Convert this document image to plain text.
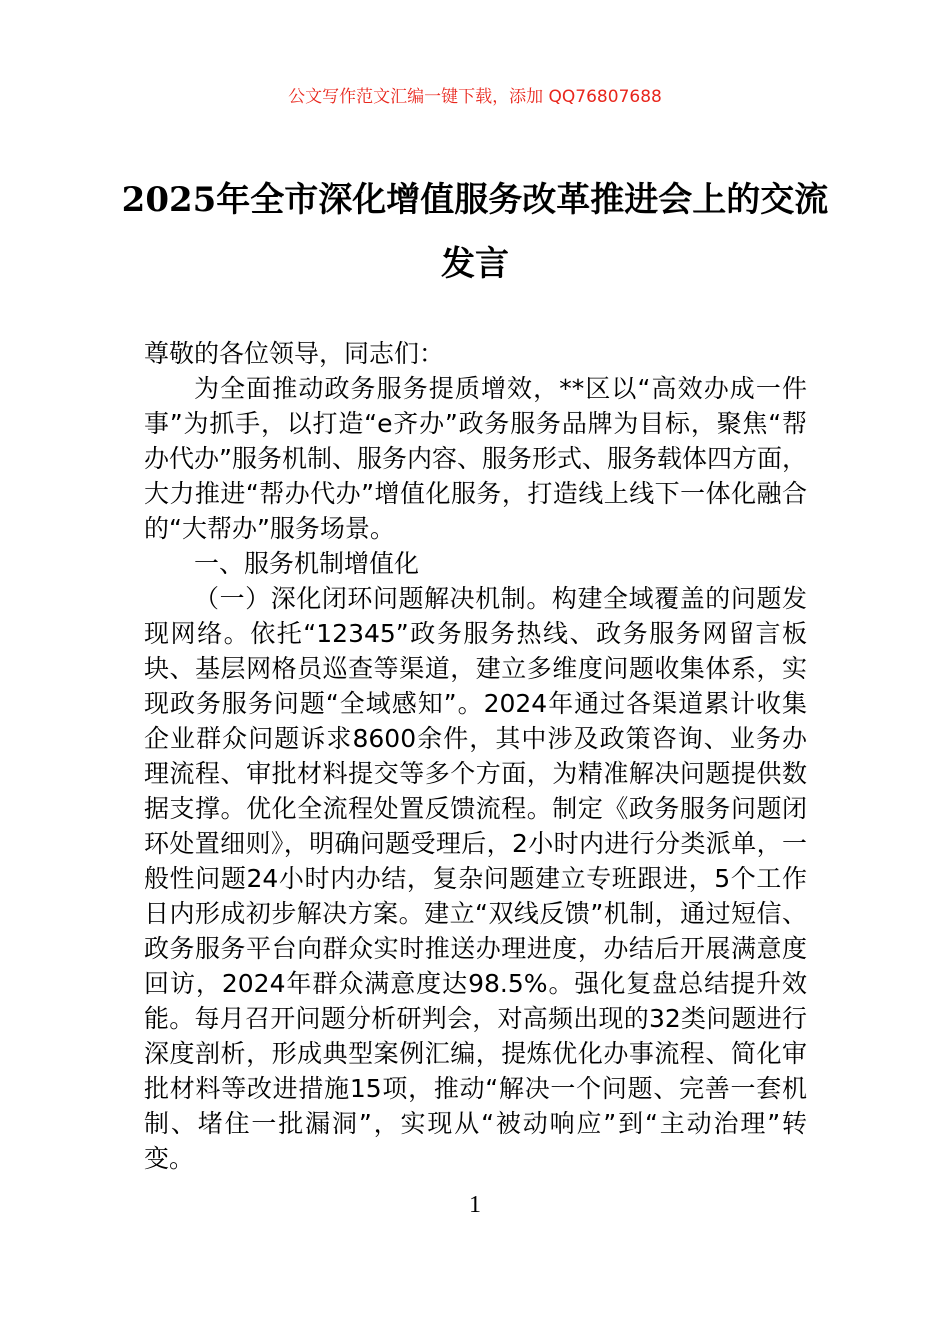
公文写作范文汇编一键下载，添加 QQ76807688
2025年全市深化增值服务改革推进会上的交流发言

尊敬的各位领导，同志们：

为全面推动政务服务提质增效，**区以“高效办成一件事”为抓手，以打造“e齐办”政务服务品牌为目标，聚焦“帮办代办”服务机制、服务内容、服务形式、服务载体四方面，大力推进“帮办代办”增值化服务，打造线上线下一体化融合的“大帮办”服务场景。

一、服务机制增值化

（一）深化闭环问题解决机制。构建全域覆盖的问题发现网络。依托“12345”政务服务热线、政务服务网留言板块、基层网格员巡查等渠道，建立多维度问题收集体系，实现政务服务问题“全域感知”。2024年通过各渠道累计收集企业群众问题诉求8600余件，其中涉及政策咨询、业务办理流程、审批材料提交等多个方面，为精准解决问题提供数据支撑。优化全流程处置反馈流程。制定《政务服务问题闭环处置细则》，明确问题受理后，2小时内进行分类派单，一般性问题24小时内办结，复杂问题建立专班跟进，5个工作日内形成初步解决方案。建立“双线反馈”机制，通过短信、政务服务平台向群众实时推送办理进度，办结后开展满意度回访，2024年群众满意度达98.5%。强化复盘总结提升效能。每月召开问题分析研判会，对高频出现的32类问题进行深度剖析，形成典型案例汇编，提炼优化办事流程、简化审批材料等改进措施15项，推动“解决一个问题、完善一套机制、堵住一批漏洞”，实现从“被动响应”到“主动治理”转变。

1
